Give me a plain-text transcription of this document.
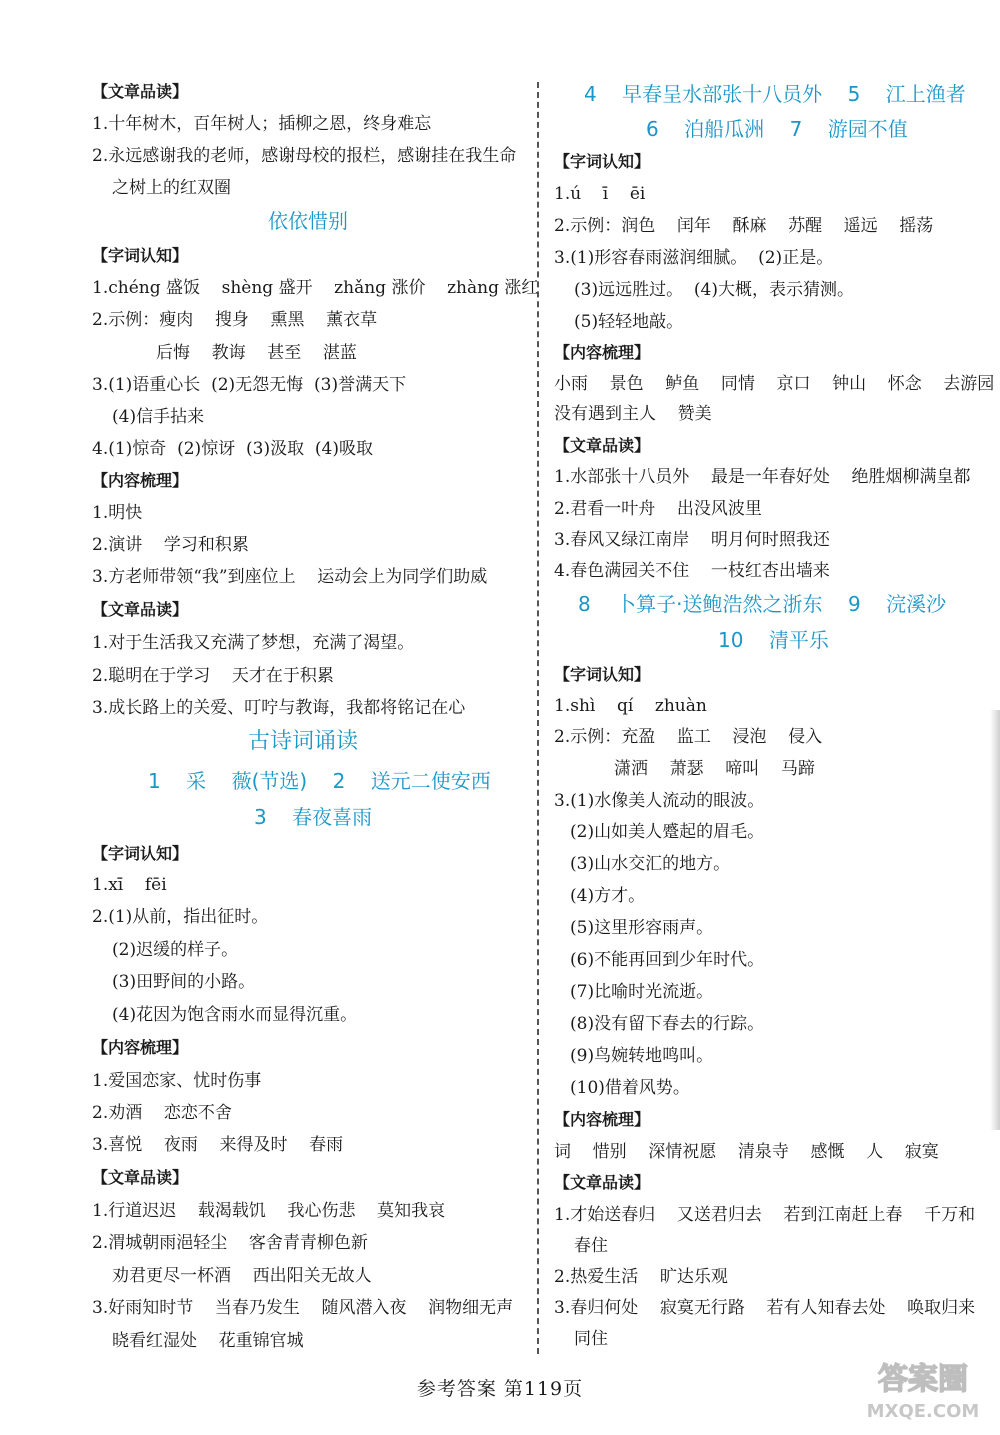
【文章品读】
1.十年树木，百年树人；插柳之恩，终身难忘
2.永远感谢我的老师，感谢母校的报栏，感谢挂在我生命
之树上的红双圈
依依惜别
【字词认知】
1.chéng 盛饭    shèng 盛开    zhǎng 涨价    zhàng 涨红
2.示例：瘦肉    搜身    熏黑    薰衣草
后悔    教诲    甚至    湛蓝
3.(1)语重心长  (2)无怨无悔  (3)誉满天下
(4)信手拈来
4.(1)惊奇  (2)惊讶  (3)汲取  (4)吸取
【内容梳理】
1.明快
2.演讲    学习和积累
3.方老师带领“我”到座位上    运动会上为同学们助威
【文章品读】
1.对于生活我又充满了梦想，充满了渴望。
2.聪明在于学习    天才在于积累
3.成长路上的关爱、叮咛与教诲，我都将铭记在心
古诗词诵读
1    采    薇(节选)    2    送元二使安西
3    春夜喜雨
【字词认知】
1.xī    fēi
2.(1)从前，指出征时。
(2)迟缓的样子。
(3)田野间的小路。
(4)花因为饱含雨水而显得沉重。
【内容梳理】
1.爱国恋家、忧时伤事
2.劝酒    恋恋不舍
3.喜悦    夜雨    来得及时    春雨
【文章品读】
1.行道迟迟    载渴载饥    我心伤悲    莫知我哀
2.渭城朝雨浥轻尘    客舍青青柳色新
劝君更尽一杯酒    西出阳关无故人
3.好雨知时节    当春乃发生    随风潜入夜    润物细无声
晓看红湿处    花重锦官城
4    早春呈水部张十八员外    5    江上渔者
6    泊船瓜洲    7    游园不值
【字词认知】
1.ú    ī    ēi
2.示例：润色    闰年    酥麻    苏醒    遥远    摇荡
3.(1)形容春雨滋润细腻。  (2)正是。
(3)远远胜过。  (4)大概，表示猜测。
(5)轻轻地敲。
【内容梳理】
小雨    景色    鲈鱼    同情    京口    钟山    怀念    去游园
没有遇到主人    赞美
【文章品读】
1.水部张十八员外    最是一年春好处    绝胜烟柳满皇都
2.君看一叶舟    出没风波里
3.春风又绿江南岸    明月何时照我还
4.春色满园关不住    一枝红杏出墙来
8    卜算子·送鲍浩然之浙东    9    浣溪沙
10    清平乐
【字词认知】
1.shì    qí    zhuàn
2.示例：充盈    监工    浸泡    侵入
潇洒    萧瑟    啼叫    马蹄
3.(1)水像美人流动的眼波。
(2)山如美人蹙起的眉毛。
(3)山水交汇的地方。
(4)方才。
(5)这里形容雨声。
(6)不能再回到少年时代。
(7)比喻时光流逝。
(8)没有留下春去的行踪。
(9)鸟婉转地鸣叫。
(10)借着风势。
【内容梳理】
词    惜别    深情祝愿    清泉寺    感慨    人    寂寞
【文章品读】
1.才始送春归    又送君归去    若到江南赶上春    千万和
春住
2.热爱生活    旷达乐观
3.春归何处    寂寞无行路    若有人知春去处    唤取归来
同住
参考答案 第119页	答案圈
MXQE.COM
